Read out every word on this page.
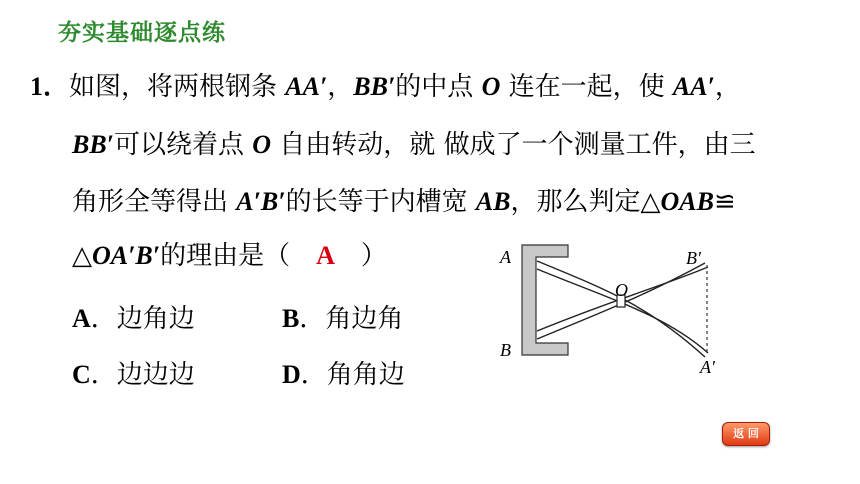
夯实基础逐点练
1．如图，将两根钢条 AA′，BB′的中点 O 连在一起，使 AA′，
BB′可以绕着点 O 自由转动，就 做成了一个测量工件，由三
角形全等得出 A′B′的长等于内槽宽 AB，那么判定△OAB≌
△OA′B′的理由是（　A　）
A．边角边	B．角边角
C．边边边	D．角角边
A
B
O
B′
A′
返 回
